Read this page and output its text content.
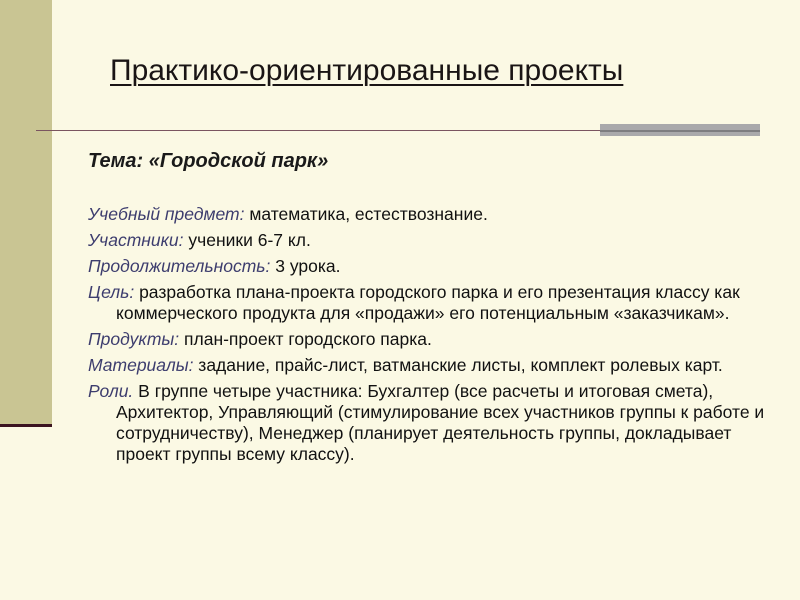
Практико-ориентированные проекты

Тема: «Городской парк»

Учебный предмет: математика, естествознание.
Участники: ученики 6-7 кл.
Продолжительность: 3 урока.
Цель: разработка плана-проекта городского парка и его презентация классу как коммерческого продукта для «продажи» его потенциальным «заказчикам».
Продукты: план-проект городского парка.
Материалы: задание, прайс-лист, ватманские листы, комплект ролевых карт.
Роли. В группе четыре участника: Бухгалтер (все расчеты и итоговая смета), Архитектор, Управляющий (стимулирование всех участников группы к работе и сотрудничеству), Менеджер (планирует деятельность группы, докладывает проект группы всему классу).
